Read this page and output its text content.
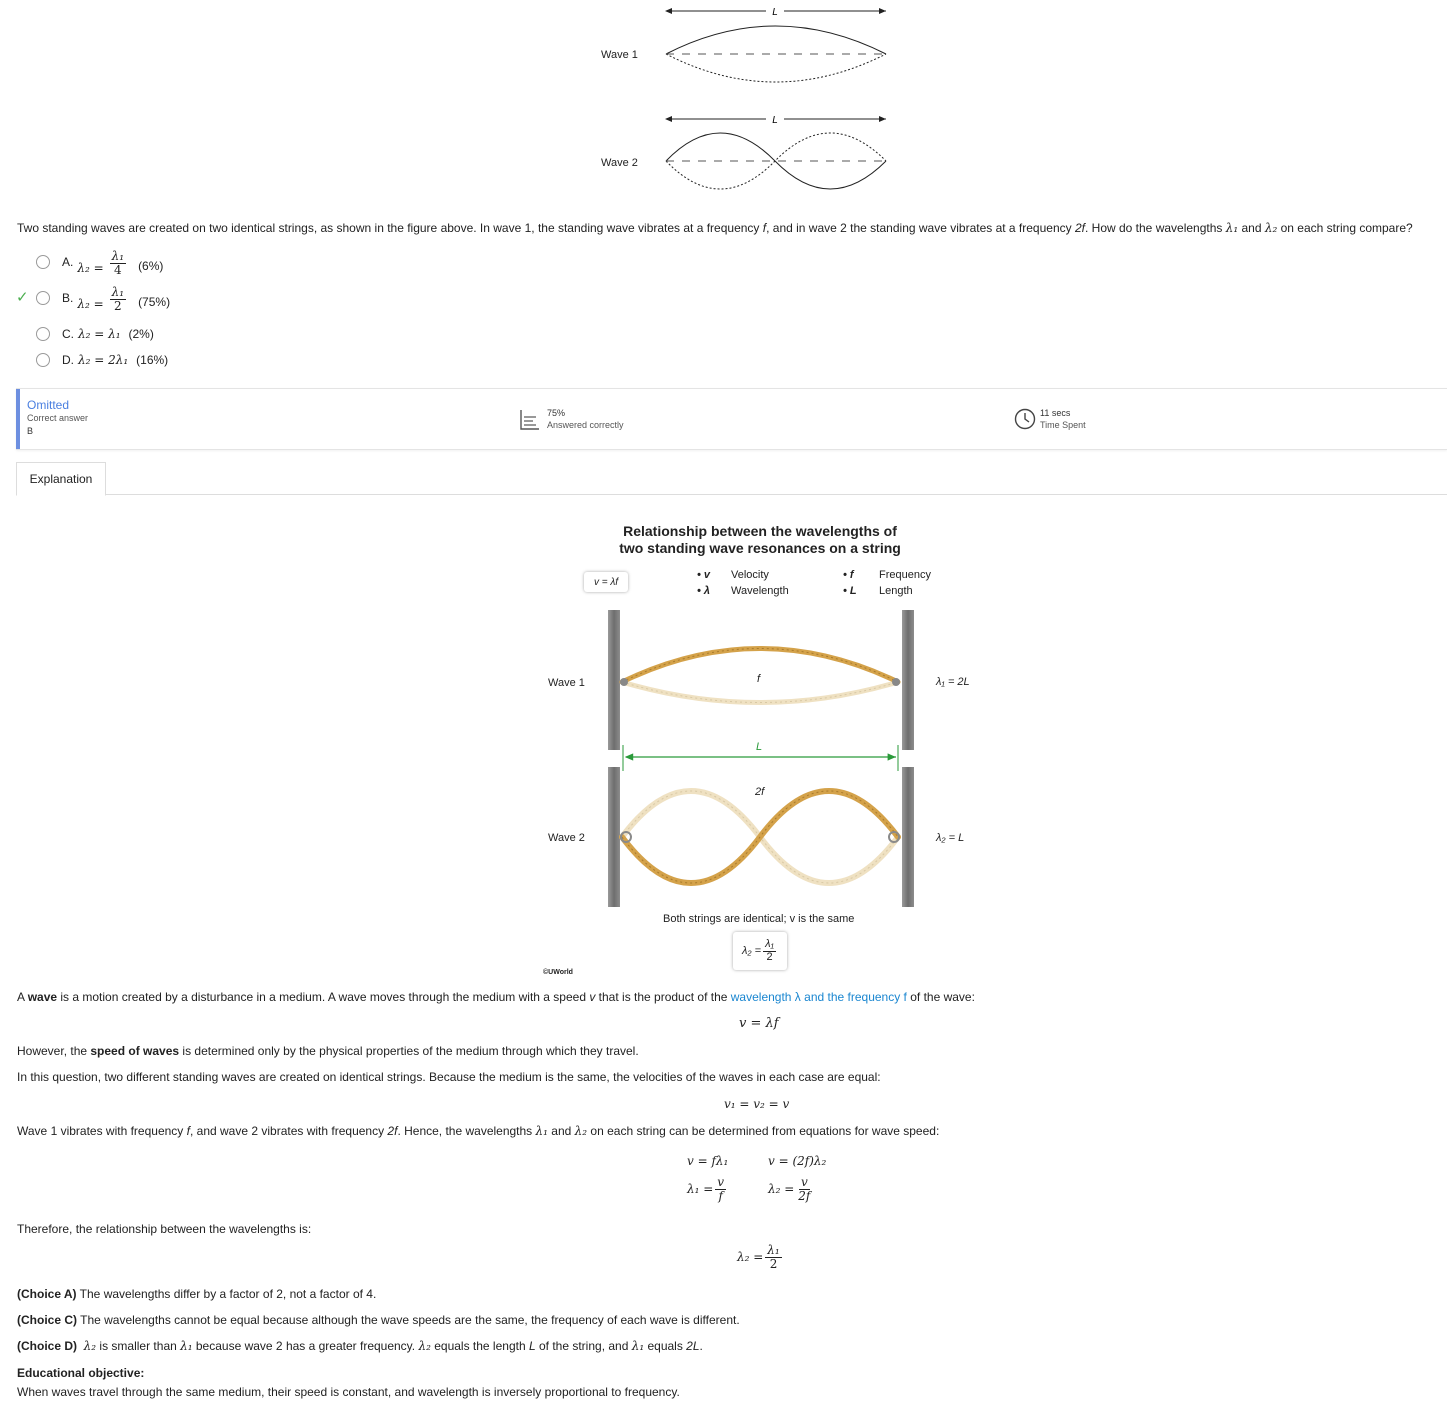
Wave 1
Wave 2
L
L
Two standing waves are created on two identical strings, as shown in the figure above. In wave 1, the standing wave vibrates at a frequency f, and in wave 2 the standing wave vibrates at a frequency 2f. How do the wavelengths λ₁ and λ₂ on each string compare?
A. $\lambda_2 = \frac{\text{λ₁}}{4} (6\%)$
✓	B. $\lambda_2 = \frac{\text{λ₁}}{2} (75\%)$
C. λ₂ = λ₁ (2%)
D. λ₂ = 2λ₁ (16%)
Omitted
Correct answer
B
75%
Answered correctly
11 secs
Time Spent
Explanation
Relationship between the wavelengths of
two standing wave resonances on a string
v = λf
• v Velocity
• λ Wavelength
• f Frequency
• L Length
Wave 1
Wave 2
f
L
2f
λ₁ = 2L
λ₂ = L
Both strings are identical; v is the same
$\lambda_2 = \frac{\text{λ₁}}{2}$
©UWorld

A wave is a motion created by a disturbance in a medium. A wave moves through the medium with a speed v that is the product of the wavelength λ and the frequency f of the wave:

v = λf

However, the speed of waves is determined only by the physical properties of the medium through which they travel.

In this question, two different standing waves are created on identical strings. Because the medium is the same, the velocities of the waves in each case are equal:

v₁ = v₂ = v

Wave 1 vibrates with frequency f, and wave 2 vibrates with frequency 2f. Hence, the wavelengths λ₁ and λ₂ on each string can be determined from equations for wave speed:

v = fλ₁	v = (2f)λ₂
$\lambda_1 = \frac{v}{f}$	$\lambda_2 = \frac{v}{2f}$

Therefore, the relationship between the wavelengths is:

$\lambda_2 = \frac{\text{λ₁}}{2}$

(Choice A) The wavelengths differ by a factor of 2, not a factor of 4.

(Choice C) The wavelengths cannot be equal because although the wave speeds are the same, the frequency of each wave is different.

(Choice D) λ₂ is smaller than λ₁ because wave 2 has a greater frequency. λ₂ equals the length L of the string, and λ₁ equals 2L.

Educational objective:

When waves travel through the same medium, their speed is constant, and wavelength is inversely proportional to frequency.
